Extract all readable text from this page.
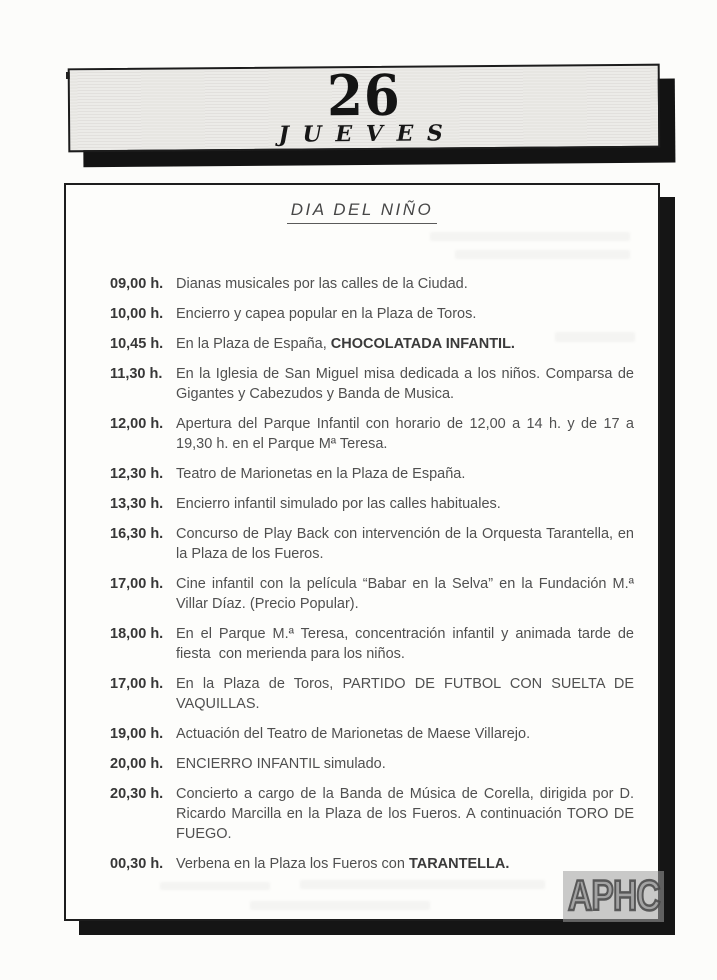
26
JUEVES
DIA DEL NIÑO
09,00 h. Dianas musicales por las calles de la Ciudad.
10,00 h. Encierro y capea popular en la Plaza de Toros.
10,45 h. En la Plaza de España, CHOCOLATADA INFANTIL.
11,30 h. En la Iglesia de San Miguel misa dedicada a los niños. Comparsa de Gigantes y Cabezudos y Banda de Musica.
12,00 h. Apertura del Parque Infantil con horario de 12,00 a 14 h. y de 17 a 19,30 h. en el Parque Mª Teresa.
12,30 h. Teatro de Marionetas en la Plaza de España.
13,30 h. Encierro infantil simulado por las calles habituales.
16,30 h. Concurso de Play Back con intervención de la Orquesta Tarantella, en la Plaza de los Fueros.
17,00 h. Cine infantil con la película “Babar en la Selva” en la Fundación M.ª Villar Díaz. (Precio Popular).
18,00 h. En el Parque M.ª Teresa, concentración infantil y animada tarde de fiesta  con merienda para los niños.
17,00 h. En la Plaza de Toros, PARTIDO DE FUTBOL CON SUELTA DE VAQUILLAS.
19,00 h. Actuación del Teatro de Marionetas de Maese Villarejo.
20,00 h. ENCIERRO INFANTIL simulado.
20,30 h. Concierto a cargo de la Banda de Música de Corella, dirigida por D. Ricardo Marcilla en la Plaza de los Fueros. A continuación TORO DE FUEGO.
00,30 h. Verbena en la Plaza los Fueros con TARANTELLA.
APHC
